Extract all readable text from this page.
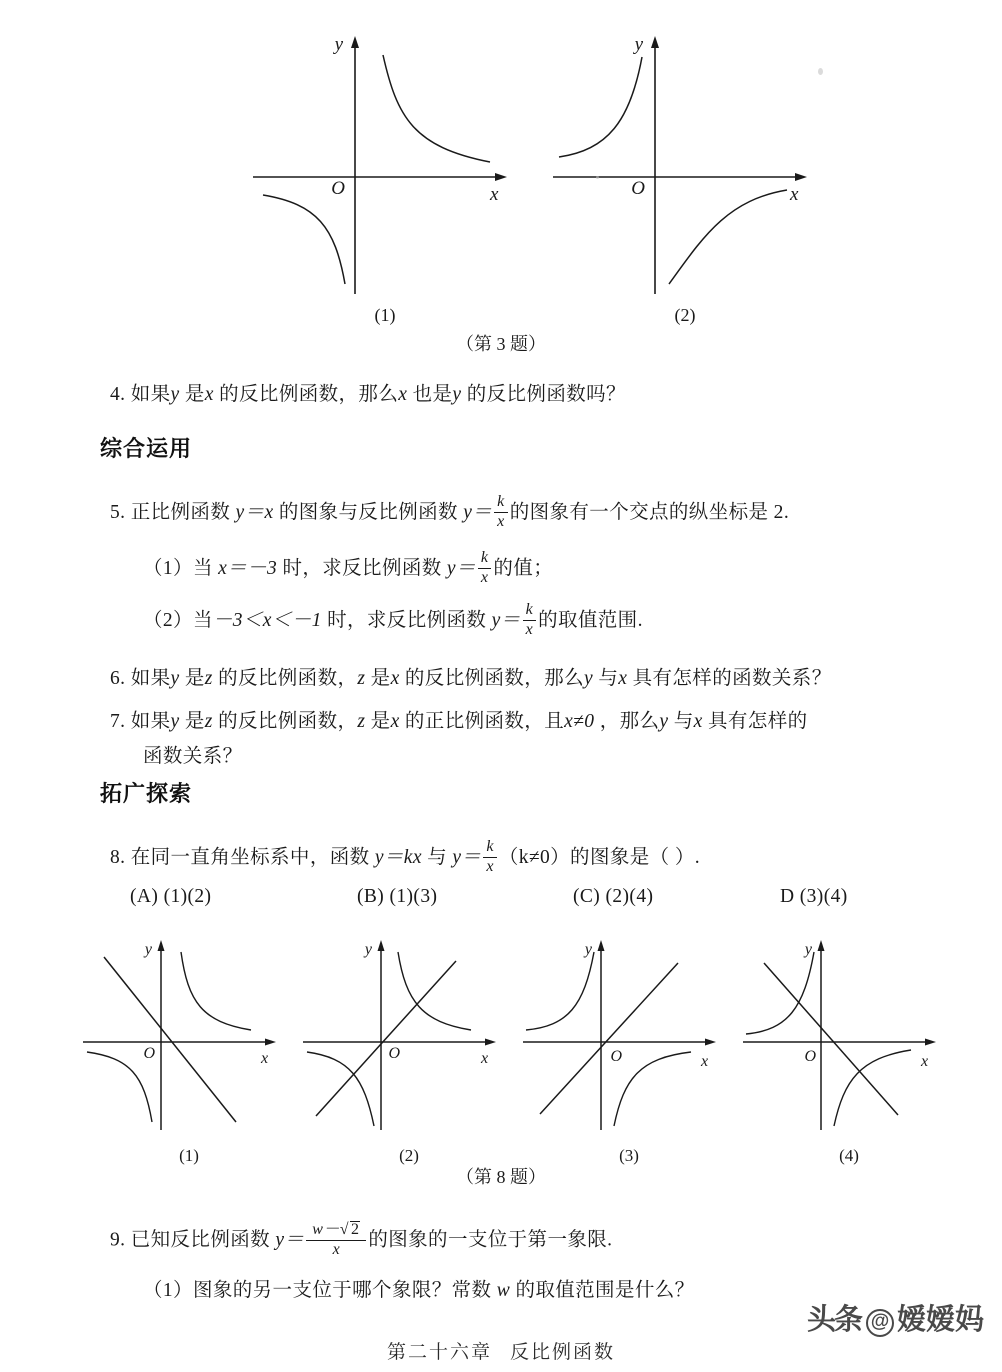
O	x
y
(1)
O	x
y
(2)
（第 3 题）
4. 如果y 是x 的反比例函数，那么x 也是y 的反比例函数吗？
综合运用
5. 正比例函数 y＝x 的图象与反比例函数 $y= \frac{k}{x}$ 的图象有一个交点的纵坐标是 2.
（1）当 x＝－3 时，求反比例函数 $y= \frac{k}{x}$ 的值；
（2）当－3＜x＜－1 时，求反比例函数 $y= \frac{k}{x}$ 的取值范围.
6. 如果y 是z 的反比例函数，z 是x 的反比例函数，那么y 与x 具有怎样的函数关系？
7. 如果y 是z 的反比例函数，z 是x 的正比例函数，且x≠0 ，那么y 与x 具有怎样的
函数关系？
拓广探索
8. 在同一直角坐标系中，函数 y＝kx 与 $y= \frac{k}{x} (k\ne 0)$的图象是（ ）.
(A) (1)(2)	(B) (1)(3)	(C) (2)(4)	D (3)(4)
O	x
y
(1)
O	x
y
(2)
O	x
y
(3)
O	x
y
(4)
（第 8 题）
9. 已知反比例函数 $y= \frac{w-√ 2}{x}$ 的图象的一支位于第一象限.
（1）图象的另一支位于哪个象限？常数 w 的取值范围是什么？
第二十六章 反比例函数
头条 @ 嫒嫒妈
